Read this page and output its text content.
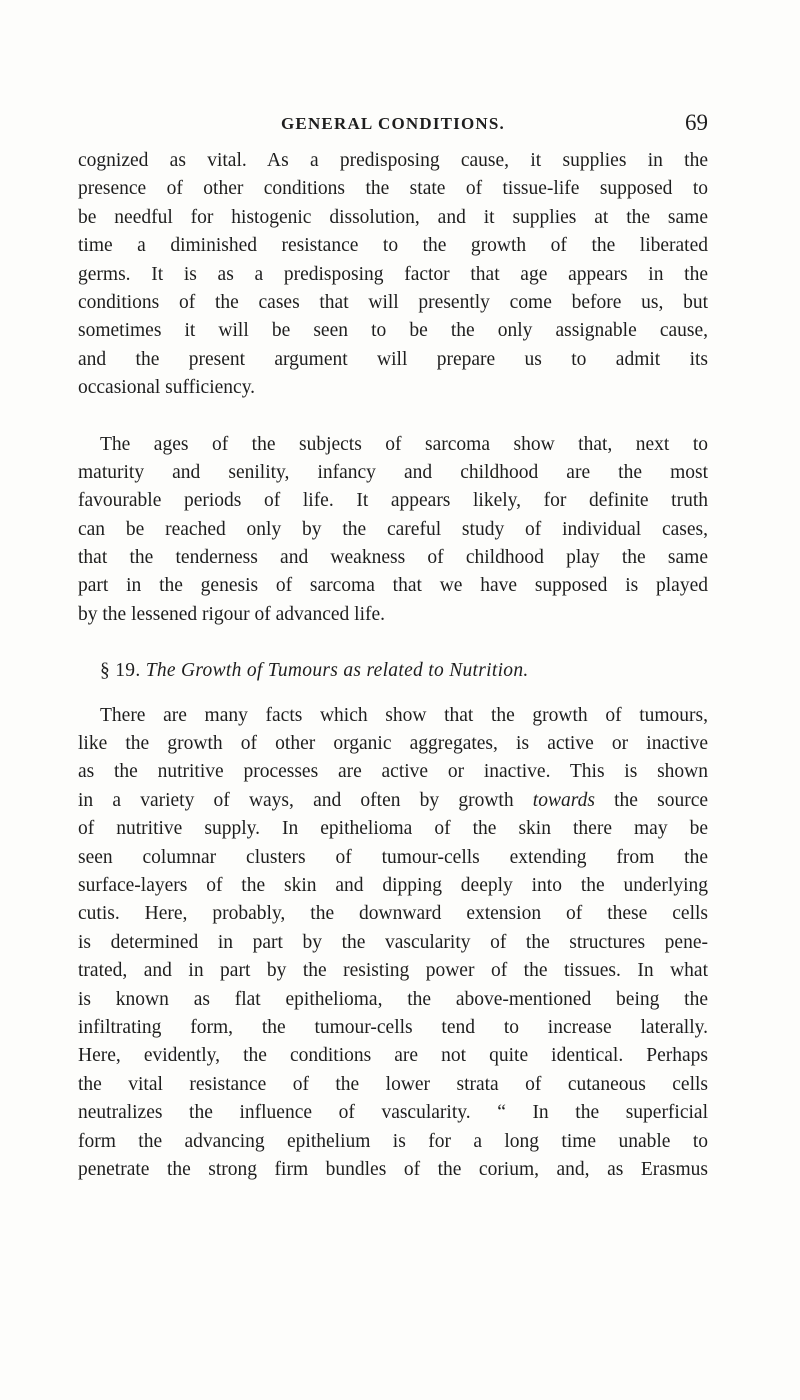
GENERAL CONDITIONS.	69
cognized as vital. As a predisposing cause, it supplies in the
presence of other conditions the state of tissue-life supposed to
be needful for histogenic dissolution, and it supplies at the same
time a diminished resistance to the growth of the liberated
germs. It is as a predisposing factor that age appears in the
conditions of the cases that will presently come before us, but
sometimes it will be seen to be the only assignable cause,
and the present argument will prepare us to admit its
occasional sufficiency.
The ages of the subjects of sarcoma show that, next to
maturity and senility, infancy and childhood are the most
favourable periods of life. It appears likely, for definite truth
can be reached only by the careful study of individual cases,
that the tenderness and weakness of childhood play the same
part in the genesis of sarcoma that we have supposed is played
by the lessened rigour of advanced life.
§ 19. The Growth of Tumours as related to Nutrition.
There are many facts which show that the growth of tumours,
like the growth of other organic aggregates, is active or inactive
as the nutritive processes are active or inactive. This is shown
in a variety of ways, and often by growth towards the source
of nutritive supply. In epithelioma of the skin there may be
seen columnar clusters of tumour-cells extending from the
surface-layers of the skin and dipping deeply into the underlying
cutis. Here, probably, the downward extension of these cells
is determined in part by the vascularity of the structures pene-
trated, and in part by the resisting power of the tissues. In what
is known as flat epithelioma, the above-mentioned being the
infiltrating form, the tumour-cells tend to increase laterally.
Here, evidently, the conditions are not quite identical. Perhaps
the vital resistance of the lower strata of cutaneous cells
neutralizes the influence of vascularity. “ In the superficial
form the advancing epithelium is for a long time unable to
penetrate the strong firm bundles of the corium, and, as Erasmus
